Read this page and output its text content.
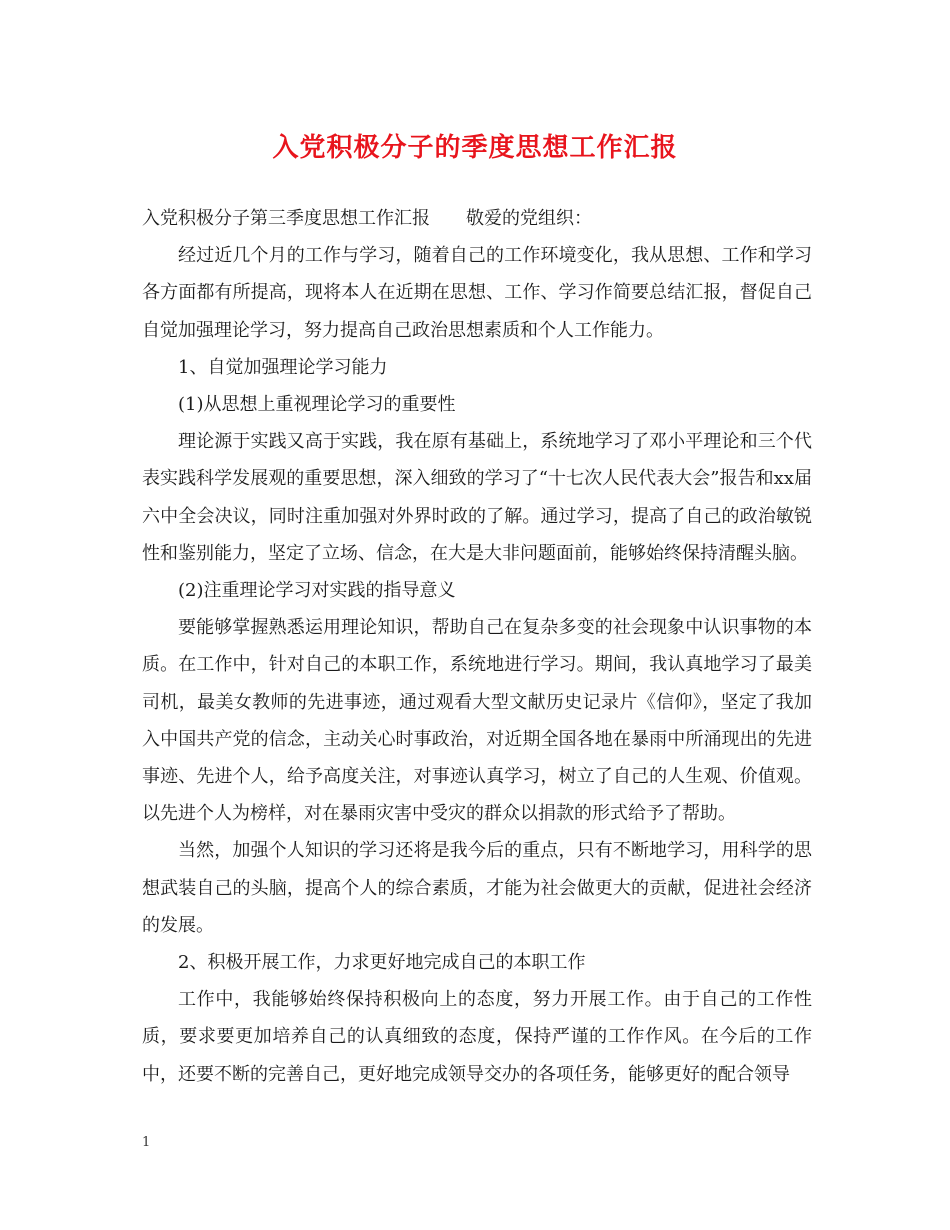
入党积极分子的季度思想工作汇报

入党积极分子第三季度思想工作汇报 敬爱的党组织：

经过近几个月的工作与学习，随着自己的工作环境变化，我从思想、工作和学习各方面都有所提高，现将本人在近期在思想、工作、学习作简要总结汇报，督促自己自觉加强理论学习，努力提高自己政治思想素质和个人工作能力。

1、自觉加强理论学习能力

(1)从思想上重视理论学习的重要性

理论源于实践又高于实践，我在原有基础上，系统地学习了邓小平理论和三个代表实践科学发展观的重要思想，深入细致的学习了“十七次人民代表大会”报告和xx届六中全会决议，同时注重加强对外界时政的了解。通过学习，提高了自己的政治敏锐性和鉴别能力，坚定了立场、信念，在大是大非问题面前，能够始终保持清醒头脑。

(2)注重理论学习对实践的指导意义

要能够掌握熟悉运用理论知识，帮助自己在复杂多变的社会现象中认识事物的本质。在工作中，针对自己的本职工作，系统地进行学习。期间，我认真地学习了最美司机，最美女教师的先进事迹，通过观看大型文献历史记录片《信仰》，坚定了我加入中国共产党的信念，主动关心时事政治，对近期全国各地在暴雨中所涌现出的先进事迹、先进个人，给予高度关注，对事迹认真学习，树立了自己的人生观、价值观。以先进个人为榜样，对在暴雨灾害中受灾的群众以捐款的形式给予了帮助。

当然，加强个人知识的学习还将是我今后的重点，只有不断地学习，用科学的思想武装自己的头脑，提高个人的综合素质，才能为社会做更大的贡献，促进社会经济的发展。

2、积极开展工作，力求更好地完成自己的本职工作

工作中，我能够始终保持积极向上的态度，努力开展工作。由于自己的工作性质，要求要更加培养自己的认真细致的态度，保持严谨的工作作风。在今后的工作中，还要不断的完善自己，更好地完成领导交办的各项任务，能够更好的配合领导

1
